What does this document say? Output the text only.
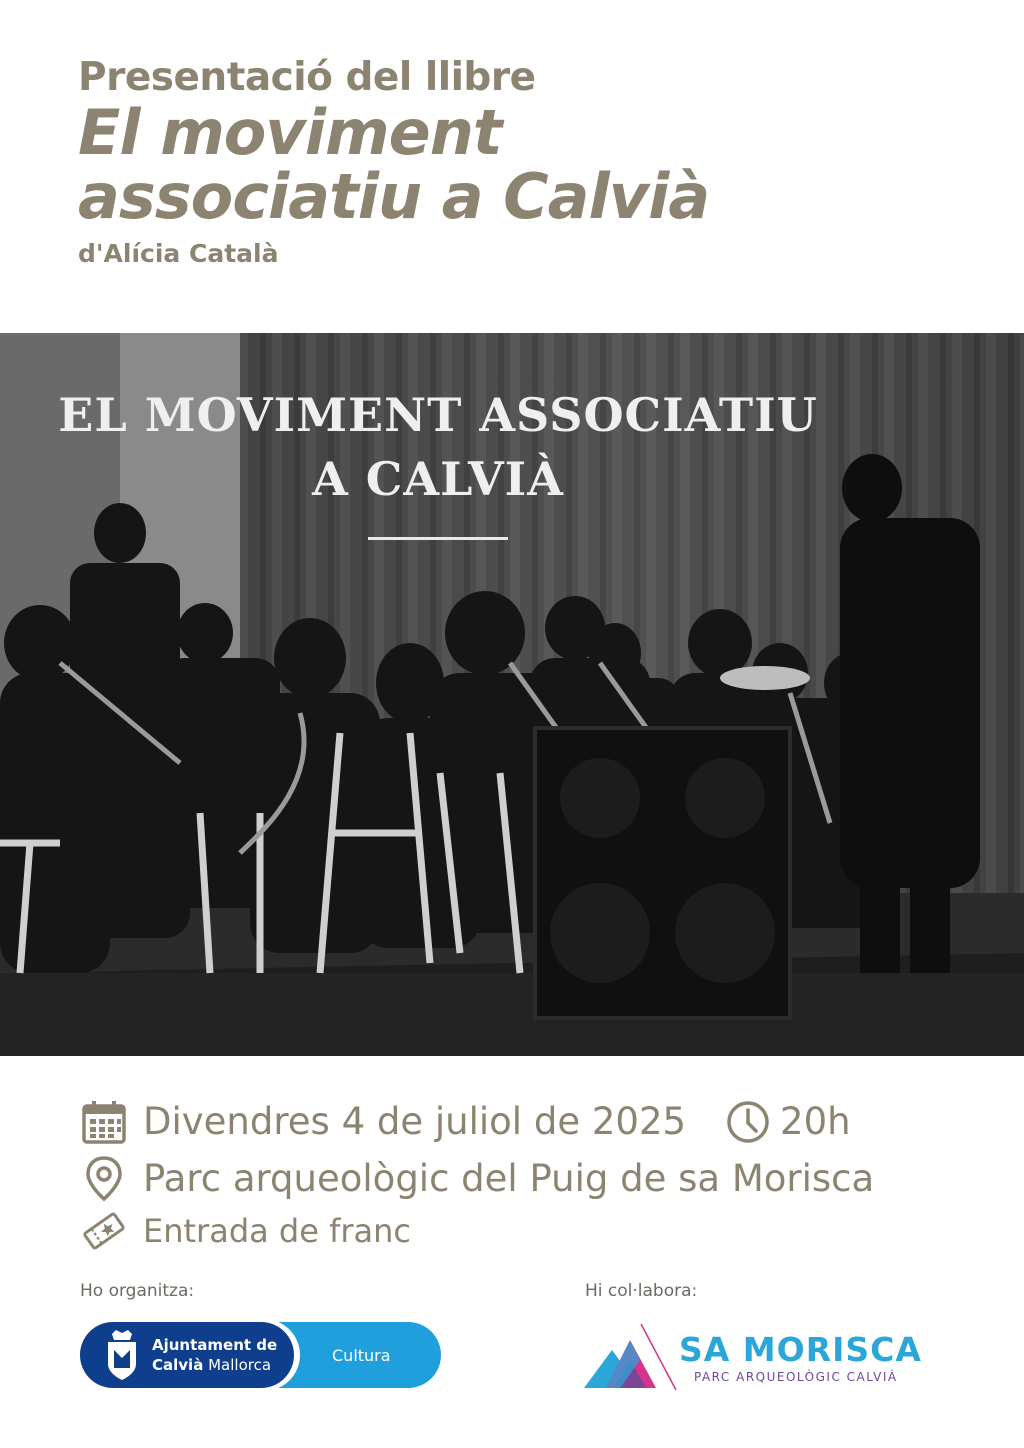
Presentació del llibre
El moviment
associatiu a Calvià
d'Alícia Català
EL MOVIMENT ASSOCIATIU
A CALVIÀ
Divendres 4 de juliol de 2025	20h
Parc arqueològic del Puig de sa Morisca
Entrada de franc
Ho organitza:	Hi col·labora:
Ajuntament de
Calvià Mallorca	Cultura	SA MORISCA
PARC ARQUEOLÒGIC CALVIÀ
